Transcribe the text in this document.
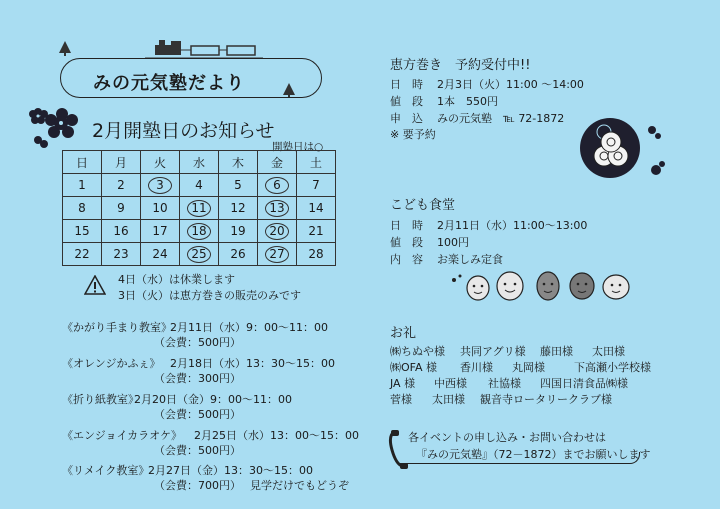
みの元気塾だより
2月開塾日のお知らせ
開塾日は○
日	月	火	水	木	金	土
1	2	3	4	5	6	7
8	9	10	11	12	13	14
15	16	17	18	19	20	21
22	23	24	25	26	27	28
4日（水）は休業します
3日（火）は恵方巻きの販売のみです
《かがり手まり教室》
2月11日（水）9：00～11：00
（会費：500円）
《オレンジかふぇ》 2月18日（水）13：30～15：00
（会費：300円）
《折り紙教室》
2月20日（金）9：00～11：00
（会費：500円）
《エンジョイカラオケ》 2月25日（水）13：00～15：00
（会費：500円）
《リメイク教室》
2月27日（金）13：30～15：00
（会費：700円） 見学だけでもどうぞ
恵方巻き　予約受付中!!
日　時 2月3日（火）11:00 ～14:00
値　段 1本　550円
申　込 みの元気塾　℡ 72-1872
※ 要予約
こども食堂
日　時 2月11日（水）11:00～13:00
値　段 100円
内　容 お楽しみ定食
お礼
㈱ちぬや様 共同アグリ様 藤田様 太田様
㈱OFA 様 香川様 丸岡様	下高瀬小学校様
JA 様 中西様 社協様 四国日清食品㈱様
菅様 太田様 観音寺ロータリークラブ様
各イベントの申し込み・お問い合わせは
『みの元気塾』（72－1872）までお願いします
